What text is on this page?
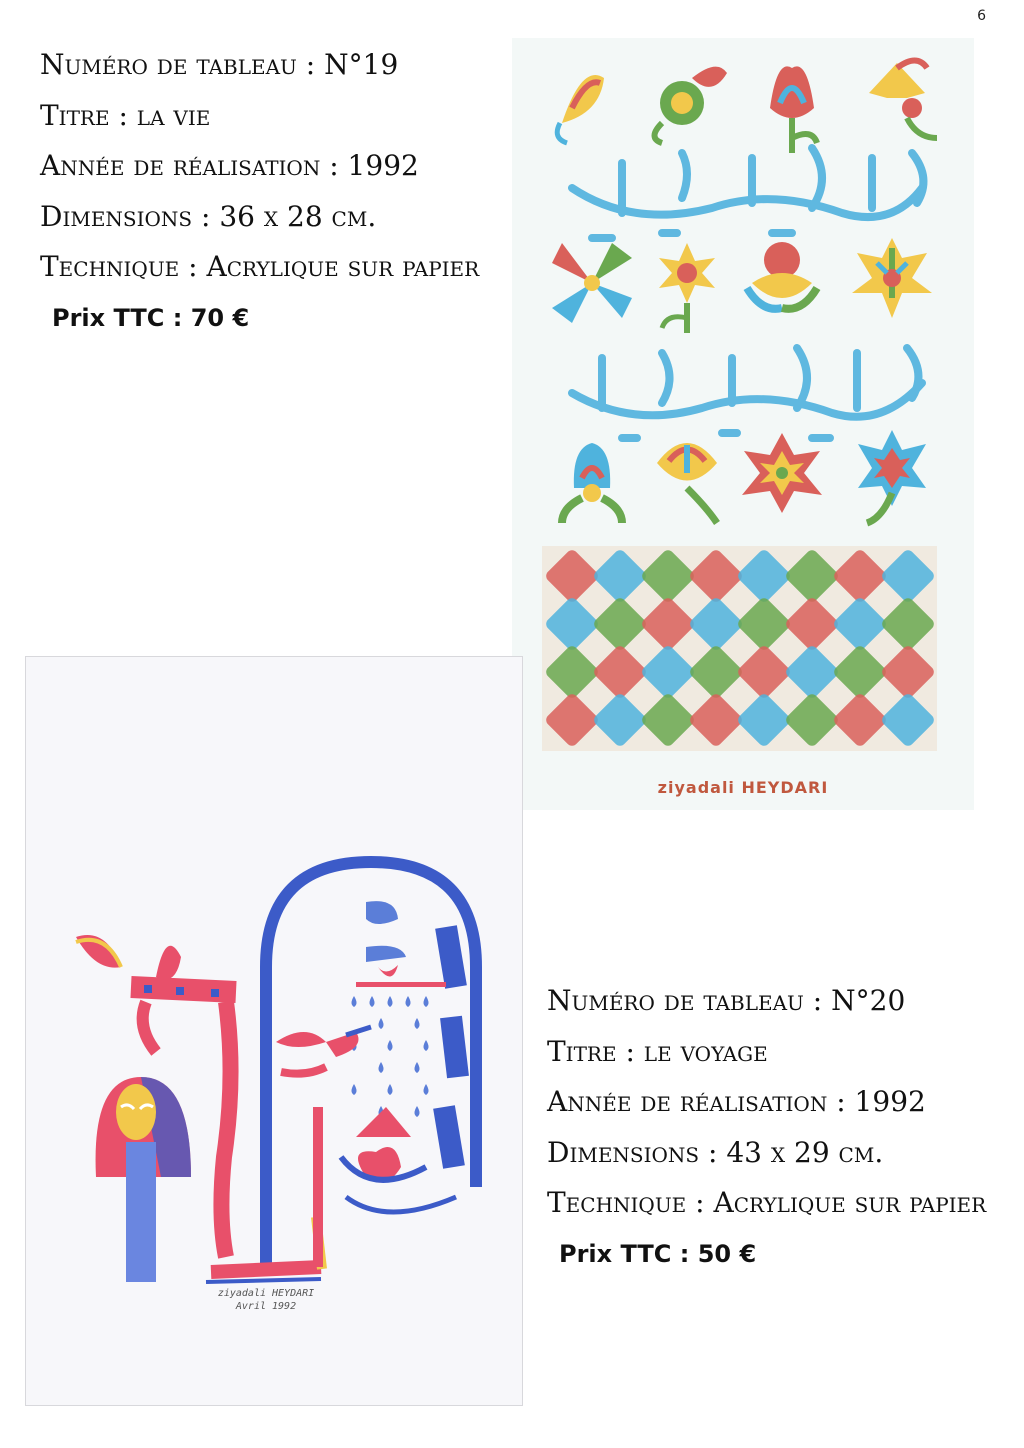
6
Numéro de tableau : N°19
Titre : la vie
Année de réalisation : 1992
Dimensions : 36 x 28 cm.
Technique : Acrylique sur papier
Prix TTC : 70 €
ziyadali HEYDARI
ziyadali HEYDARI
Avril 1992
Numéro de tableau : N°20
Titre : le voyage
Année de réalisation : 1992
Dimensions : 43 x 29 cm.
Technique : Acrylique sur papier
Prix TTC : 50 €
